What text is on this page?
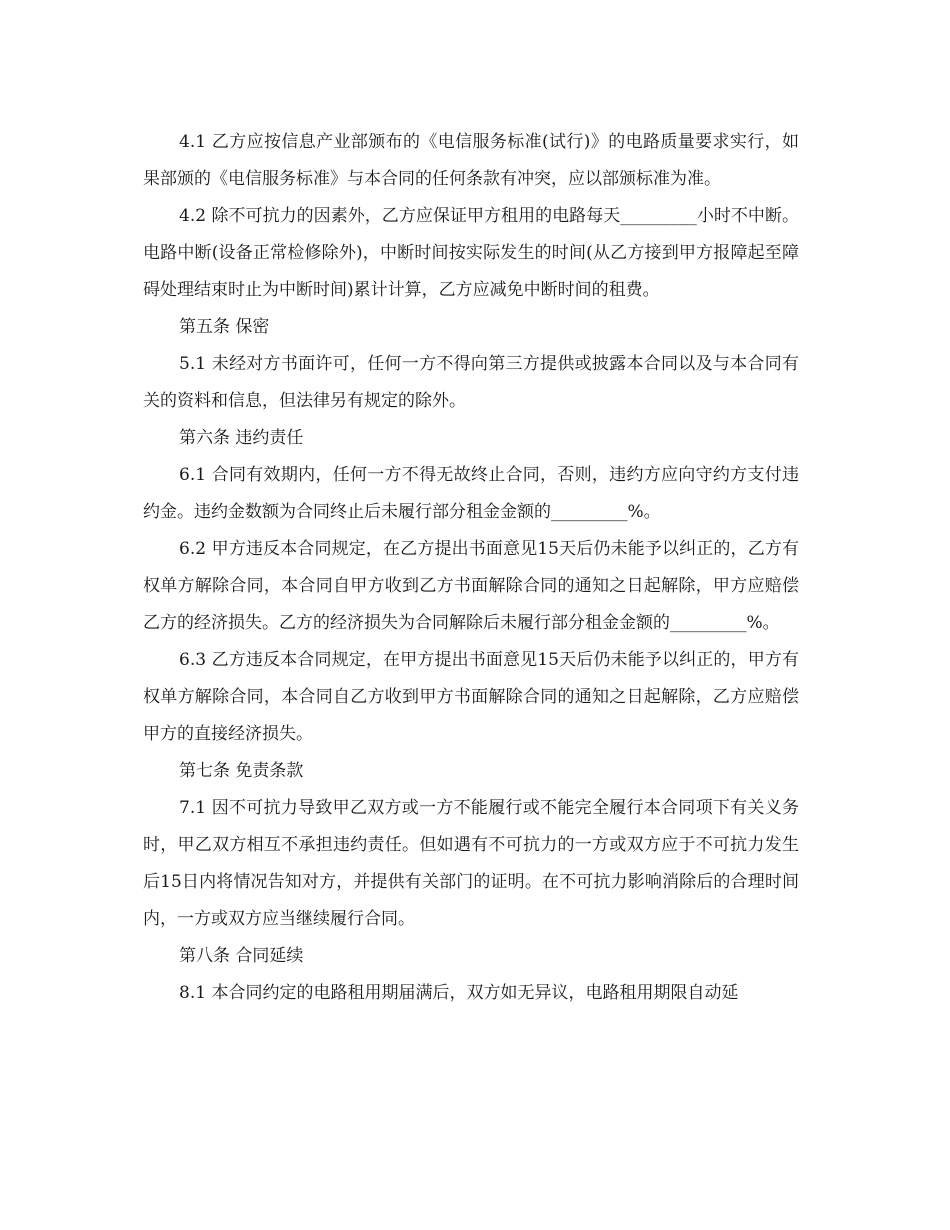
4.1 乙方应按信息产业部颁布的《电信服务标准(试行)》的电路质量要求实行，如果部颁的《电信服务标准》与本合同的任何条款有冲突，应以部颁标准为准。

4.2 除不可抗力的因素外，乙方应保证甲方租用的电路每天_________小时不中断。电路中断(设备正常检修除外)，中断时间按实际发生的时间(从乙方接到甲方报障起至障碍处理结束时止为中断时间)累计计算，乙方应减免中断时间的租费。

第五条 保密

5.1 未经对方书面许可，任何一方不得向第三方提供或披露本合同以及与本合同有关的资料和信息，但法律另有规定的除外。

第六条 违约责任

6.1 合同有效期内，任何一方不得无故终止合同，否则，违约方应向守约方支付违约金。违约金数额为合同终止后未履行部分租金金额的_________%。

6.2 甲方违反本合同规定，在乙方提出书面意见15天后仍未能予以纠正的，乙方有权单方解除合同，本合同自甲方收到乙方书面解除合同的通知之日起解除，甲方应赔偿乙方的经济损失。乙方的经济损失为合同解除后未履行部分租金金额的_________%。

6.3 乙方违反本合同规定，在甲方提出书面意见15天后仍未能予以纠正的，甲方有权单方解除合同，本合同自乙方收到甲方书面解除合同的通知之日起解除，乙方应赔偿甲方的直接经济损失。

第七条 免责条款

7.1 因不可抗力导致甲乙双方或一方不能履行或不能完全履行本合同项下有关义务时，甲乙双方相互不承担违约责任。但如遇有不可抗力的一方或双方应于不可抗力发生后15日内将情况告知对方，并提供有关部门的证明。在不可抗力影响消除后的合理时间内，一方或双方应当继续履行合同。

第八条 合同延续

8.1 本合同约定的电路租用期届满后，双方如无异议，电路租用期限自动延
